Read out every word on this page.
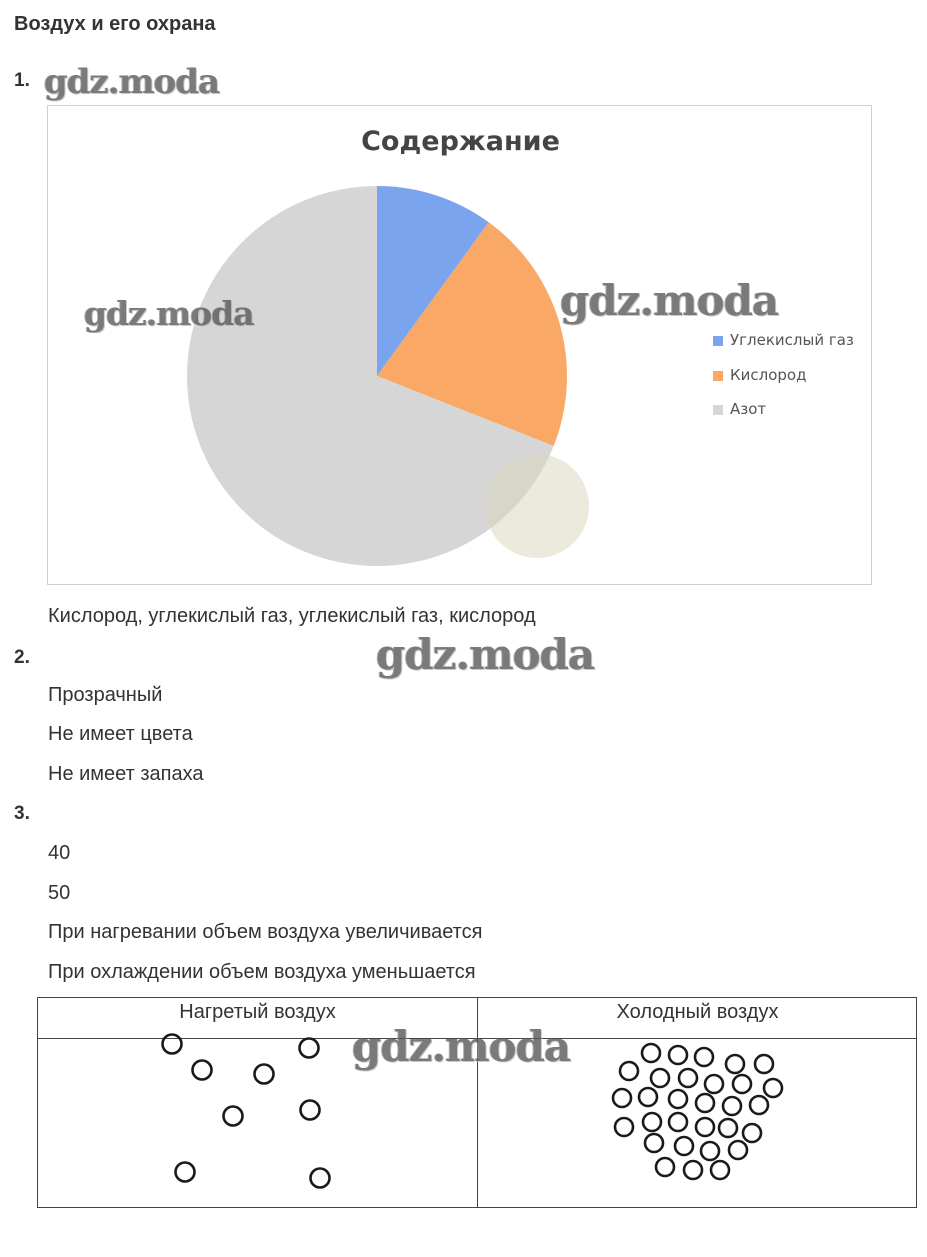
Воздух и его охрана
1. gdz.moda
Содержание
Углекислый газ
Кислород
Азот
gdz.moda	gdz.moda
Кислород, углекислый газ, углекислый газ, кислород
2.	gdz.moda
Прозрачный
Не имеет цвета
Не имеет запаха
3.
40
50
При нагревании объем воздуха увеличивается
При охлаждении объем воздуха уменьшается
Нагретый воздух	Холодный воздух
gdz.moda
